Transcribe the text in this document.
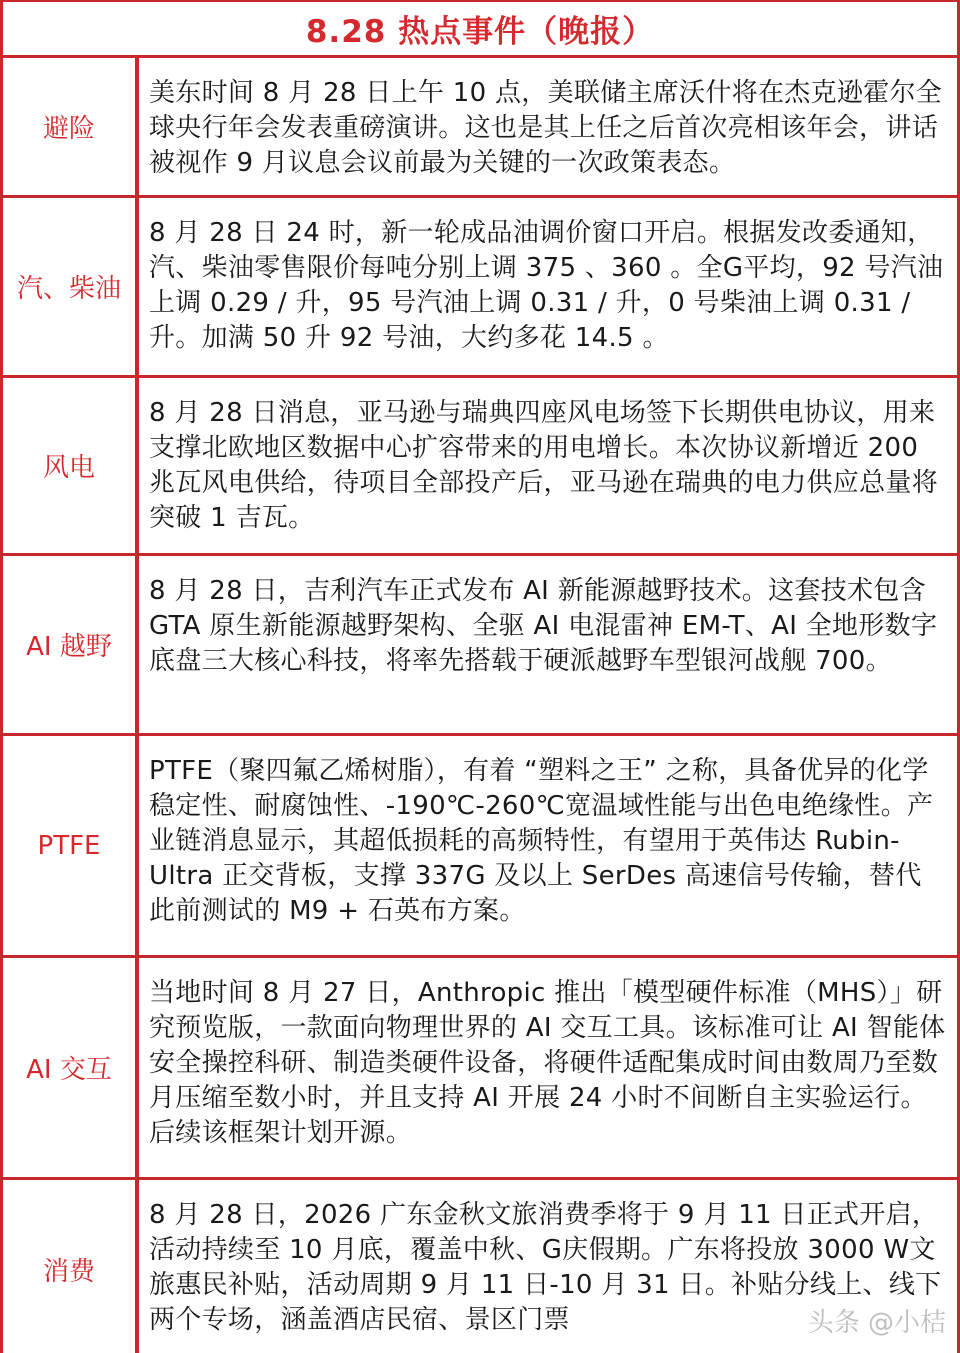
8.28 热点事件（晚报）
避险
美东时间 8 月 28 日上午 10 点，美联储主席沃什将在杰克逊霍尔全球央行年会发表重磅演讲。这也是其上任之后首次亮相该年会，讲话被视作 9 月议息会议前最为关键的一次政策表态。
汽、柴油
8 月 28 日 24 时，新一轮成品油调价窗口开启。根据发改委通知，汽、柴油零售限价每吨分别上调 375 、360 。全G平均，92 号汽油上调 0.29 / 升，95 号汽油上调 0.31 / 升，0 号柴油上调 0.31 / 升。加满 50 升 92 号油，大约多花 14.5 。
风电
8 月 28 日消息，亚马逊与瑞典四座风电场签下长期供电协议，用来支撑北欧地区数据中心扩容带来的用电增长。本次协议新增近 200 兆瓦风电供给，待项目全部投产后，亚马逊在瑞典的电力供应总量将突破 1 吉瓦。
AI 越野
8 月 28 日，吉利汽车正式发布 AI 新能源越野技术。这套技术包含 GTA 原生新能源越野架构、全驱 AI 电混雷神 EM-T、AI 全地形数字底盘三大核心科技，将率先搭载于硬派越野车型银河战舰 700。
PTFE
PTFE（聚四氟乙烯树脂），有着 “塑料之王” 之称，具备优异的化学稳定性、耐腐蚀性、-190℃-260℃宽温域性能与出色电绝缘性。产业链消息显示，其超低损耗的高频特性，有望用于英伟达 Rubin-Ultra 正交背板，支撑 337G 及以上 SerDes 高速信号传输，替代此前测试的 M9 + 石英布方案。
AI 交互
当地时间 8 月 27 日，Anthropic 推出「模型硬件标准（MHS）」研究预览版，一款面向物理世界的 AI 交互工具。该标准可让 AI 智能体安全操控科研、制造类硬件设备，将硬件适配集成时间由数周乃至数月压缩至数小时，并且支持 AI 开展 24 小时不间断自主实验运行。后续该框架计划开源。
消费
8 月 28 日，2026 广东金秋文旅消费季将于 9 月 11 日正式开启，活动持续至 10 月底，覆盖中秋、G庆假期。广东将投放 3000 W文旅惠民补贴，活动周期 9 月 11 日-10 月 31 日。补贴分线上、线下两个专场，涵盖酒店民宿、景区门票	头条 @小桔
